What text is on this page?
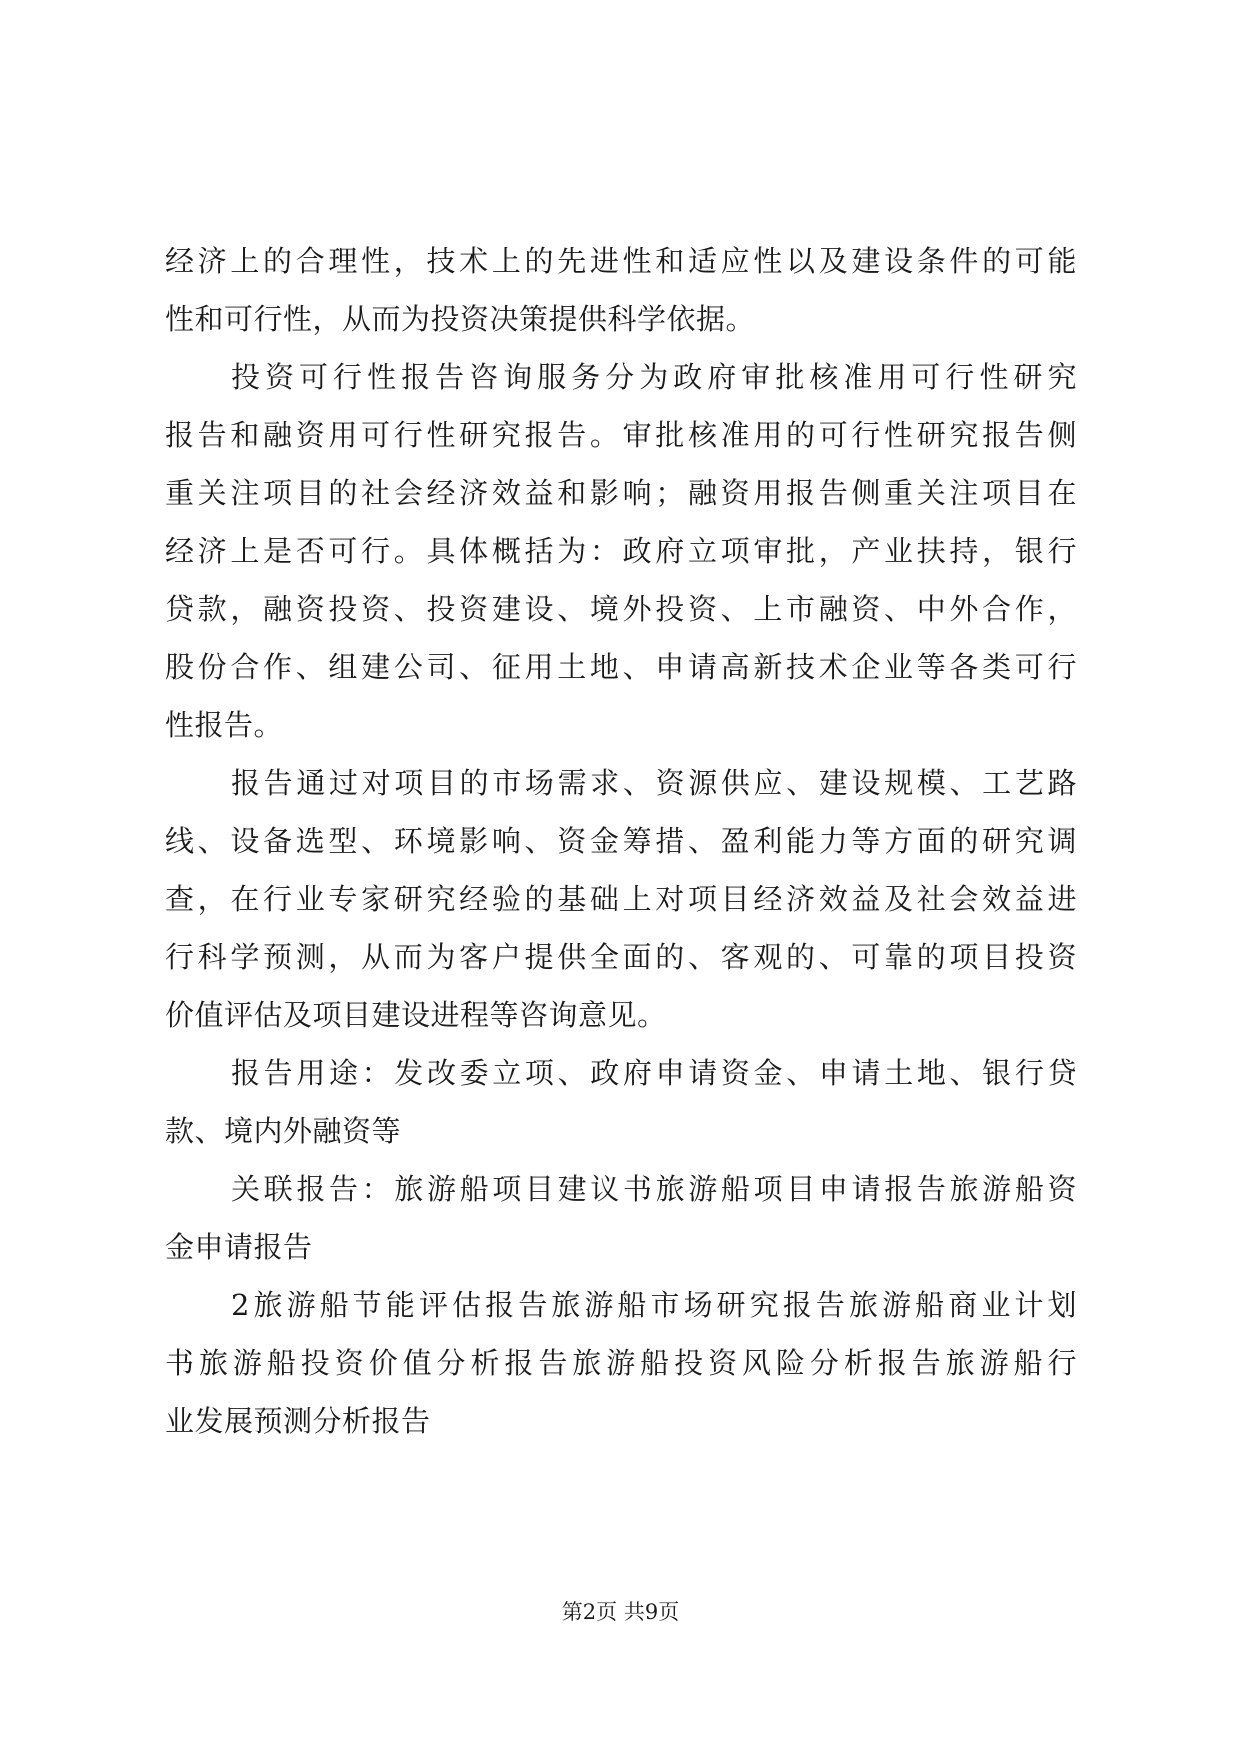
经济上的合理性，技术上的先进性和适应性以及建设条件的可能
性和可行性，从而为投资决策提供科学依据。
投资可行性报告咨询服务分为政府审批核准用可行性研究
报告和融资用可行性研究报告。审批核准用的可行性研究报告侧
重关注项目的社会经济效益和影响；融资用报告侧重关注项目在
经济上是否可行。具体概括为：政府立项审批，产业扶持，银行
贷款，融资投资、投资建设、境外投资、上市融资、中外合作，
股份合作、组建公司、征用土地、申请高新技术企业等各类可行
性报告。
报告通过对项目的市场需求、资源供应、建设规模、工艺路
线、设备选型、环境影响、资金筹措、盈利能力等方面的研究调
查，在行业专家研究经验的基础上对项目经济效益及社会效益进
行科学预测，从而为客户提供全面的、客观的、可靠的项目投资
价值评估及项目建设进程等咨询意见。
报告用途：发改委立项、政府申请资金、申请土地、银行贷
款、境内外融资等
关联报告：旅游船项目建议书旅游船项目申请报告旅游船资
金申请报告
2旅游船节能评估报告旅游船市场研究报告旅游船商业计划
书旅游船投资价值分析报告旅游船投资风险分析报告旅游船行
业发展预测分析报告
第2页 共9页
